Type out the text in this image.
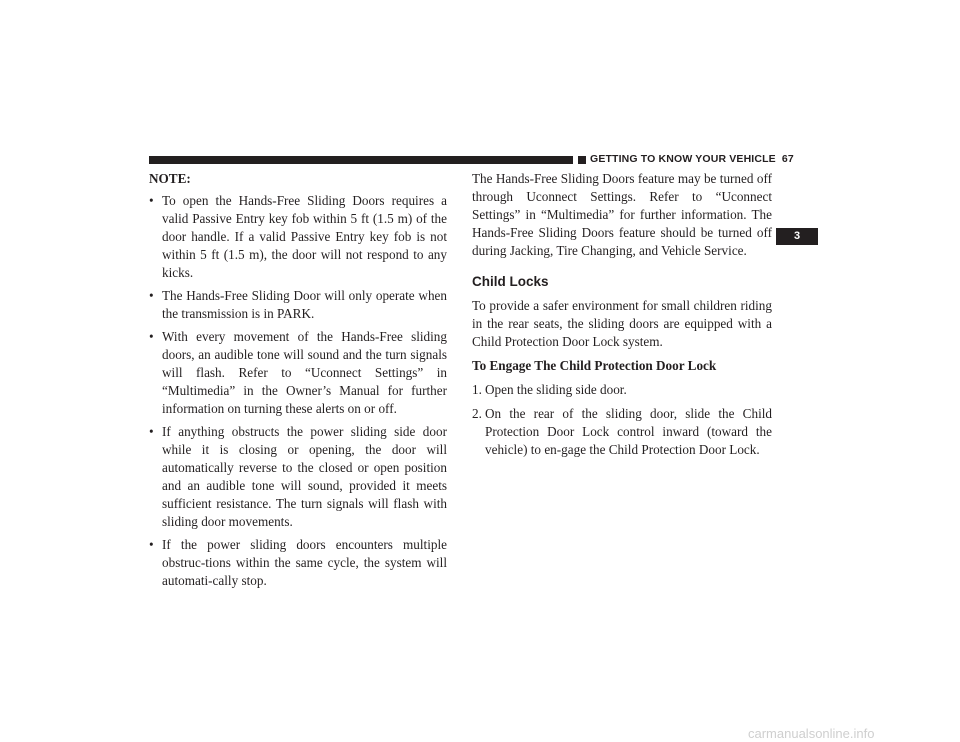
GETTING TO KNOW YOUR VEHICLE 67
3

NOTE:

• To open the Hands-Free Sliding Doors requires a valid Passive Entry key fob within 5 ft (1.5 m) of the door handle. If a valid Passive Entry key fob is not within 5 ft (1.5 m), the door will not respond to any kicks.
• The Hands-Free Sliding Door will only operate when the transmission is in PARK.
• With every movement of the Hands-Free sliding doors, an audible tone will sound and the turn signals will flash. Refer to “Uconnect Settings” in “Multimedia” in the Owner’s Manual for further information on turning these alerts on or off.
• If anything obstructs the power sliding side door while it is closing or opening, the door will automatically reverse to the closed or open position and an audible tone will sound, provided it meets sufficient resistance. The turn signals will flash with sliding door movements.
• If the power sliding doors encounters multiple obstruc-tions within the same cycle, the system will automati-cally stop.

The Hands-Free Sliding Doors feature may be turned off through Uconnect Settings. Refer to “Uconnect Settings” in “Multimedia” for further information. The Hands-Free Sliding Doors feature should be turned off during Jacking, Tire Changing, and Vehicle Service.

Child Locks

To provide a safer environment for small children riding in the rear seats, the sliding doors are equipped with a Child Protection Door Lock system.

To Engage The Child Protection Door Lock

1. Open the sliding side door.
2. On the rear of the sliding door, slide the Child Protection Door Lock control inward (toward the vehicle) to en-gage the Child Protection Door Lock.
carmanualsonline.info
